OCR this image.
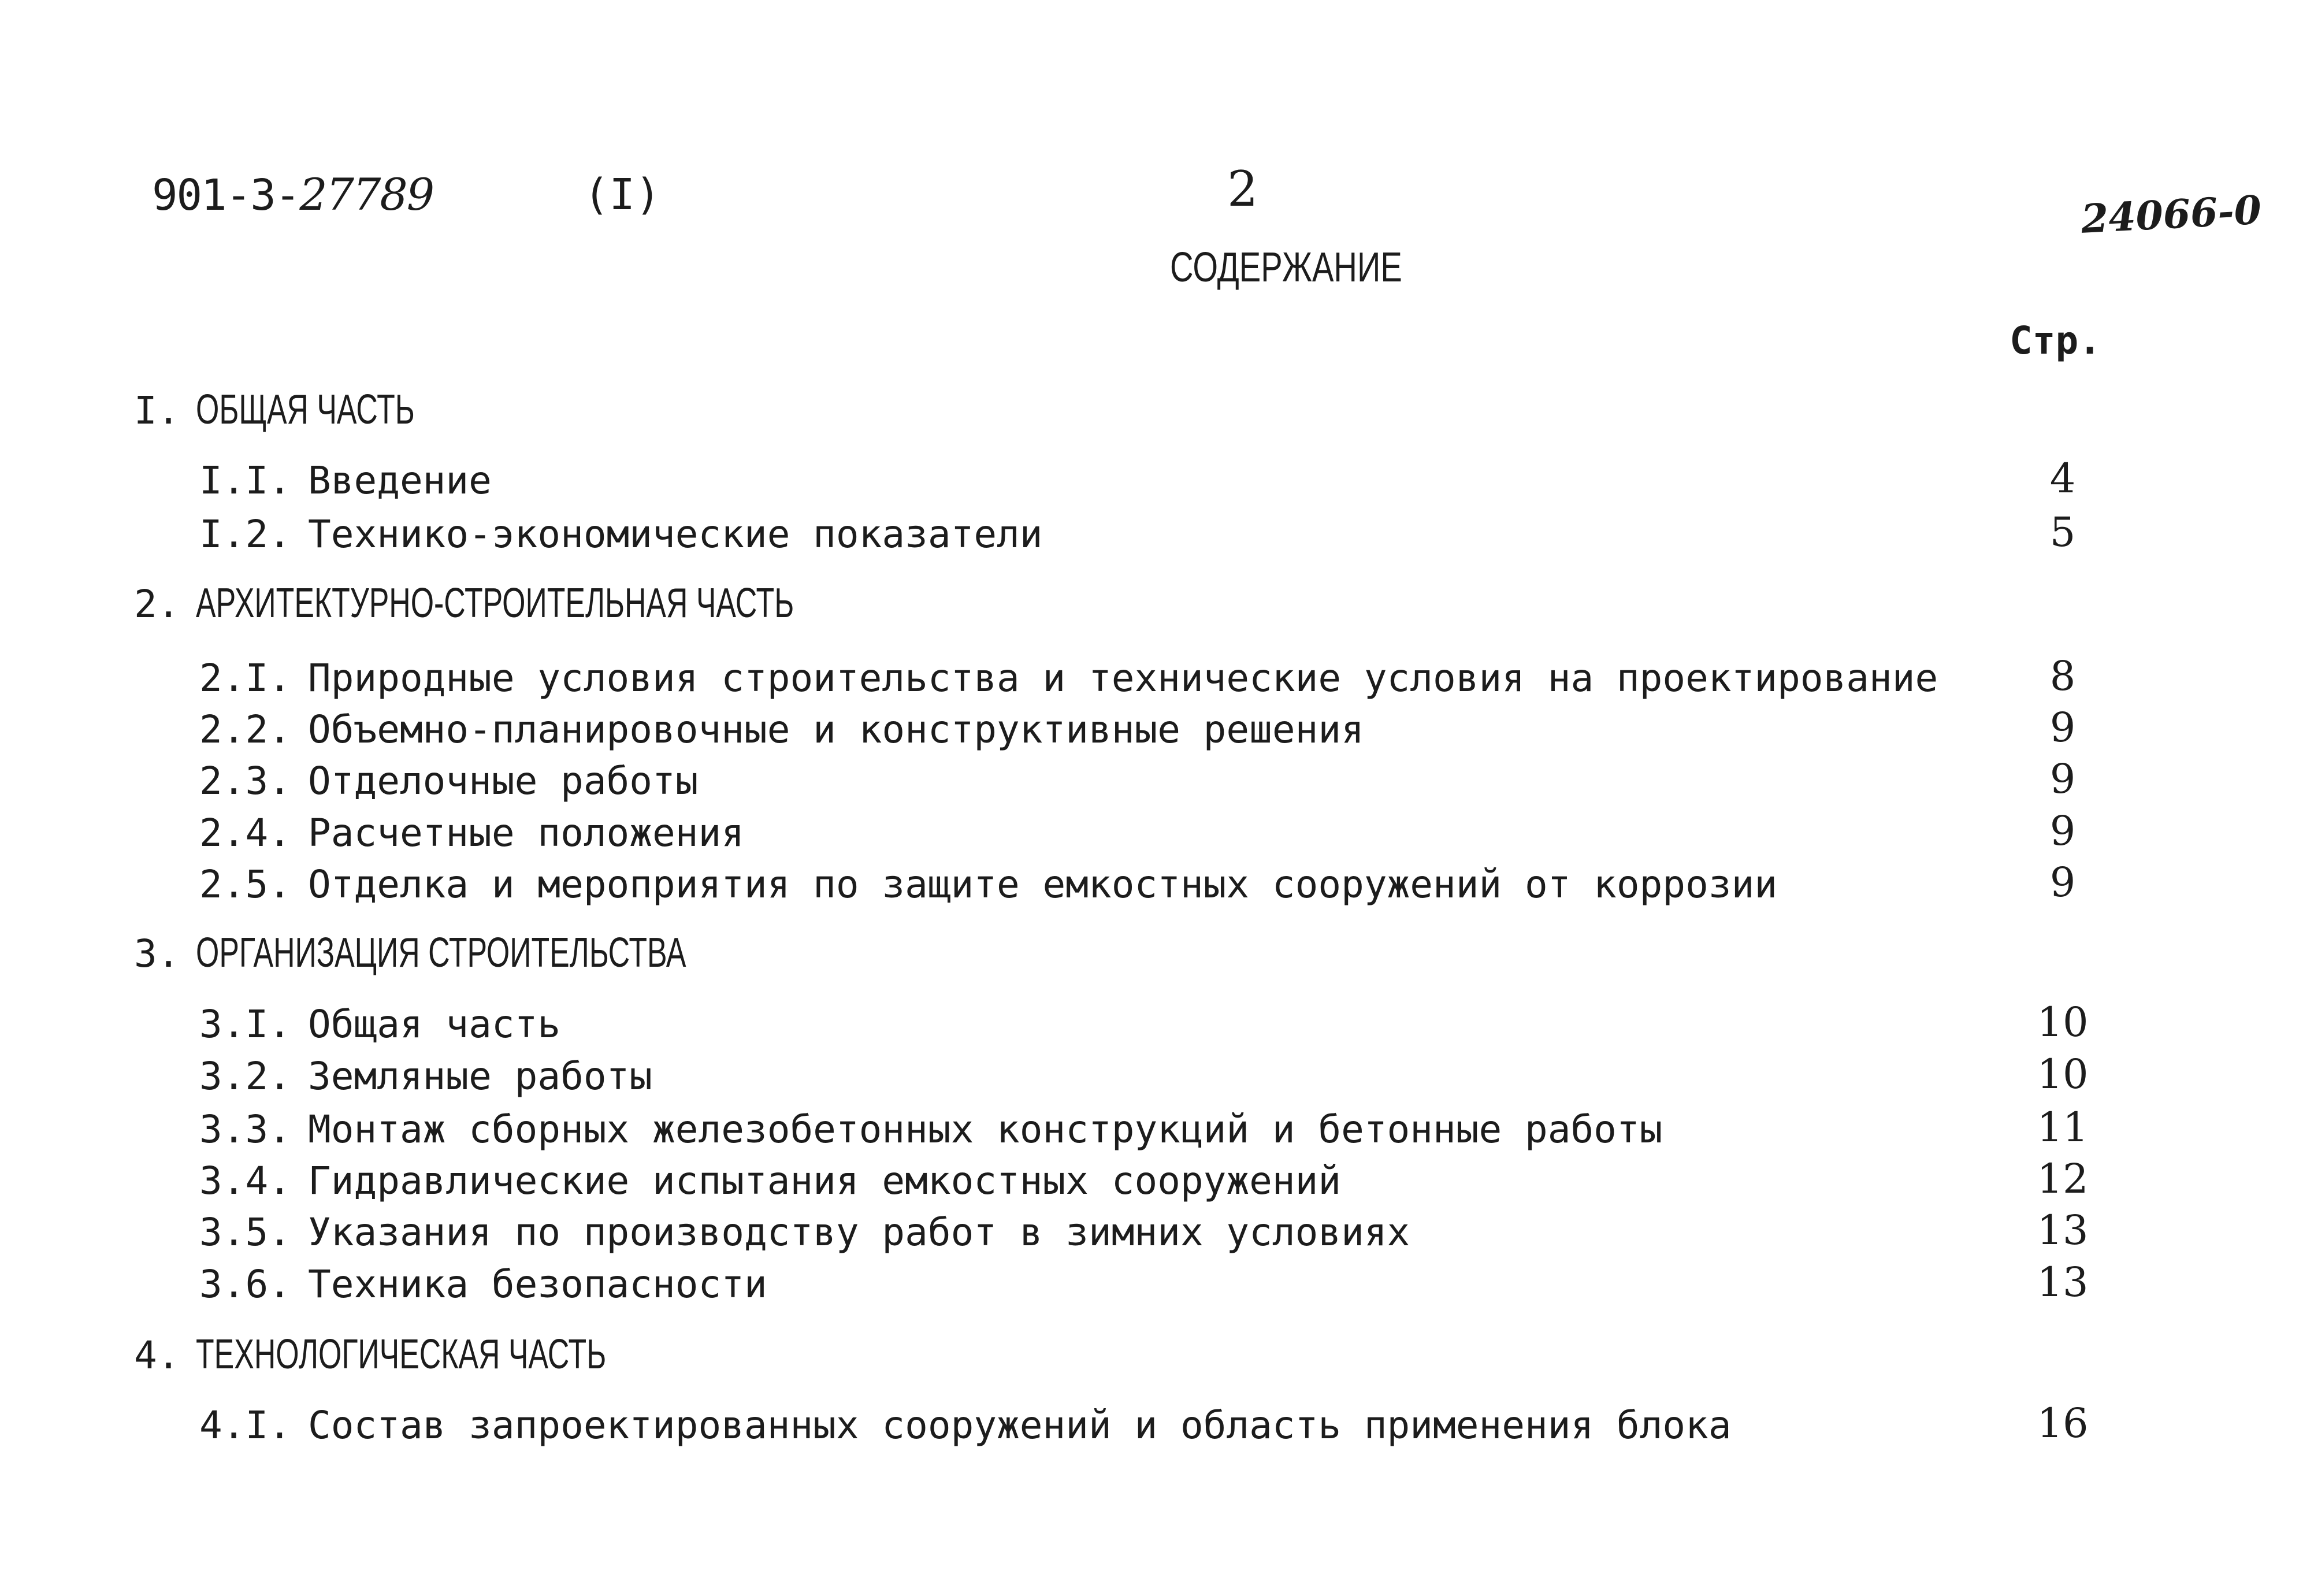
901-3-27789	(I)	2	24066-0
СОДЕРЖАНИЕ
Стр.
I. ОБЩАЯ ЧАСТЬ
I.I. Введение	4
I.2. Технико-экономические показатели	5
2. АРХИТЕКТУРНО-СТРОИТЕЛЬНАЯ ЧАСТЬ
2.I. Природные условия строительства и технические условия на проектирование	8
2.2. Объемно-планировочные и конструктивные решения	9
2.3. Отделочные работы	9
2.4. Расчетные положения	9
2.5. Отделка и мероприятия по защите емкостных сооружений от коррозии	9
3. ОРГАНИЗАЦИЯ СТРОИТЕЛЬСТВА
3.I. Общая часть	10
3.2. Земляные работы	10
3.3. Монтаж сборных железобетонных конструкций и бетонные работы	11
3.4. Гидравлические испытания емкостных сооружений	12
3.5. Указания по производству работ в зимних условиях	13
3.6. Техника безопасности	13
4. ТЕХНОЛОГИЧЕСКАЯ ЧАСТЬ
4.I. Состав запроектированных сооружений и область применения блока	16
